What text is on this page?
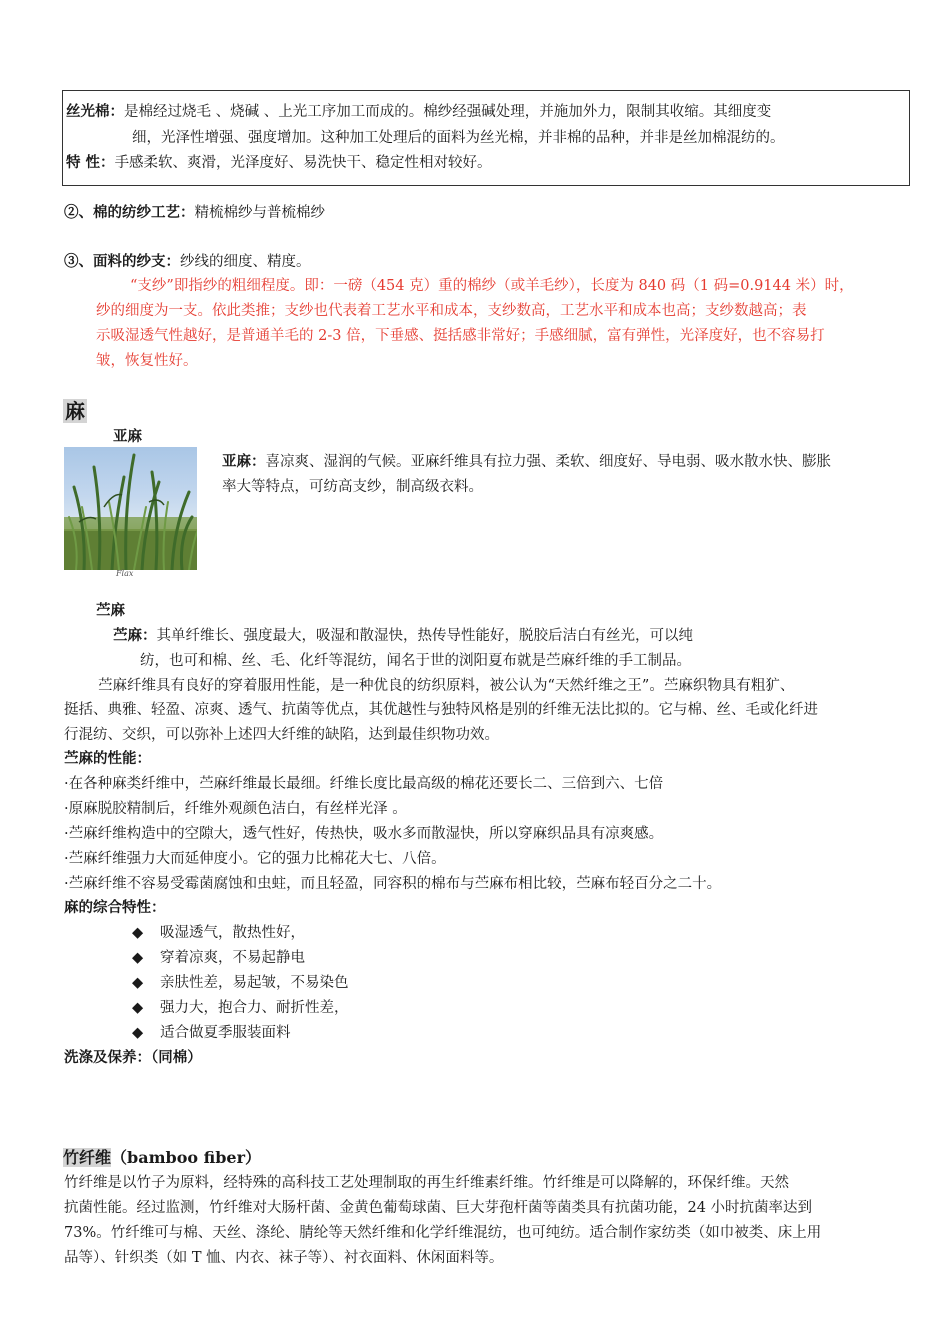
丝光棉：是棉经过烧毛 、烧碱 、上光工序加工而成的。棉纱经强碱处理，并施加外力，限制其收缩。其细度变
细，光泽性增强、强度增加。这种加工处理后的面料为丝光棉，并非棉的品种，并非是丝加棉混纺的。
特 性：手感柔软、爽滑，光泽度好、易洗快干、稳定性相对较好。
②、棉的纺纱工艺：精梳棉纱与普梳棉纱
③、面料的纱支：纱线的细度、精度。
“支纱”即指纱的粗细程度。即：一磅（454 克）重的棉纱（或羊毛纱），长度为 840 码（1 码=0.9144 米）时，
纱的细度为一支。依此类推；支纱也代表着工艺水平和成本，支纱数高，工艺水平和成本也高；支纱数越高；表
示吸湿透气性越好，是普通羊毛的 2-3 倍，下垂感、挺括感非常好；手感细腻，富有弹性，光泽度好，也不容易打
皱，恢复性好。
麻
亚麻
Flax
亚麻：喜凉爽、湿润的气候。亚麻纤维具有拉力强、柔软、细度好、导电弱、吸水散水快、膨胀
率大等特点，可纺高支纱，制高级衣料。
苎麻
苎麻：其单纤维长、强度最大，吸湿和散湿快，热传导性能好，脱胶后洁白有丝光，可以纯
纺，也可和棉、丝、毛、化纤等混纺，闻名于世的浏阳夏布就是苎麻纤维的手工制品。
苎麻纤维具有良好的穿着服用性能，是一种优良的纺织原料，被公认为“天然纤维之王”。苎麻织物具有粗犷、
挺括、典雅、轻盈、凉爽、透气、抗菌等优点，其优越性与独特风格是别的纤维无法比拟的。它与棉、丝、毛或化纤进
行混纺、交织，可以弥补上述四大纤维的缺陷，达到最佳织物功效。
苎麻的性能：
·在各种麻类纤维中，苎麻纤维最长最细。纤维长度比最高级的棉花还要长二、三倍到六、七倍
·原麻脱胶精制后，纤维外观颜色洁白，有丝样光泽 。
·苎麻纤维构造中的空隙大，透气性好，传热快，吸水多而散湿快，所以穿麻织品具有凉爽感。
·苎麻纤维强力大而延伸度小。它的强力比棉花大七、八倍。
·苎麻纤维不容易受霉菌腐蚀和虫蛀，而且轻盈，同容积的棉布与苎麻布相比较，苎麻布轻百分之二十。
麻的综合特性：
◆ 吸湿透气，散热性好，
◆ 穿着凉爽，不易起静电
◆ 亲肤性差，易起皱，不易染色
◆ 强力大，抱合力、耐折性差，
◆ 适合做夏季服装面料
洗涤及保养：（同棉）
竹纤维（bamboo fiber）
竹纤维是以竹子为原料，经特殊的高科技工艺处理制取的再生纤维素纤维。竹纤维是可以降解的，环保纤维。天然
抗菌性能。经过监测，竹纤维对大肠杆菌、金黄色葡萄球菌、巨大芽孢杆菌等菌类具有抗菌功能，24 小时抗菌率达到
73%。竹纤维可与棉、天丝、涤纶、腈纶等天然纤维和化学纤维混纺，也可纯纺。适合制作家纺类（如巾被类、床上用
品等）、针织类（如 T 恤、内衣、袜子等）、衬衣面料、休闲面料等。
